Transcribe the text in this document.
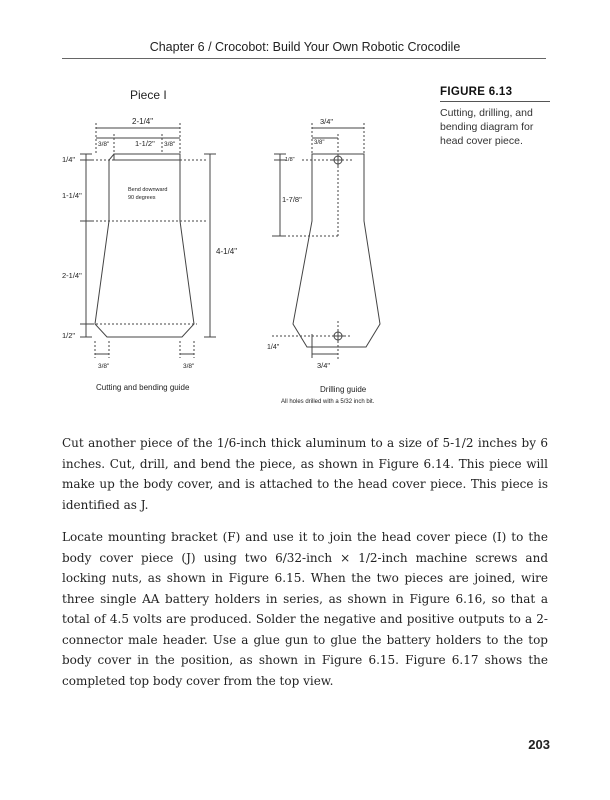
Chapter 6 / Crocobot: Build Your Own Robotic Crocodile
Piece I
2-1/4"
3/8"	1-1/2" 3/8"
1/4"
1-1/4"
2-1/4"
1/2"
4-1/4"
Bend downward
90 degrees
3/8"	3/8"
Cutting and bending guide
3/4"
3/8"
1/8"
1-7/8"
1/4"
3/4"
Drilling guide
All holes drilled with a 5/32 inch bit.
FIGURE 6.13
Cutting, drilling, and bending diagram for head cover piece.

Cut another piece of the 1/6-inch thick aluminum to a size of 5-1/2 inches by 6 inches. Cut, drill, and bend the piece, as shown in Figure 6.14. This piece will make up the body cover, and is attached to the head cover piece. This piece is identified as J.

Locate mounting bracket (F) and use it to join the head cover piece (I) to the body cover piece (J) using two 6/32-inch × 1/2-inch machine screws and locking nuts, as shown in Figure 6.15. When the two pieces are joined, wire three single AA battery holders in series, as shown in Figure 6.16, so that a total of 4.5 volts are produced. Solder the negative and positive outputs to a 2-connector male header. Use a glue gun to glue the battery holders to the top body cover in the position, as shown in Figure 6.15. Figure 6.17 shows the completed top body cover from the top view.

203
